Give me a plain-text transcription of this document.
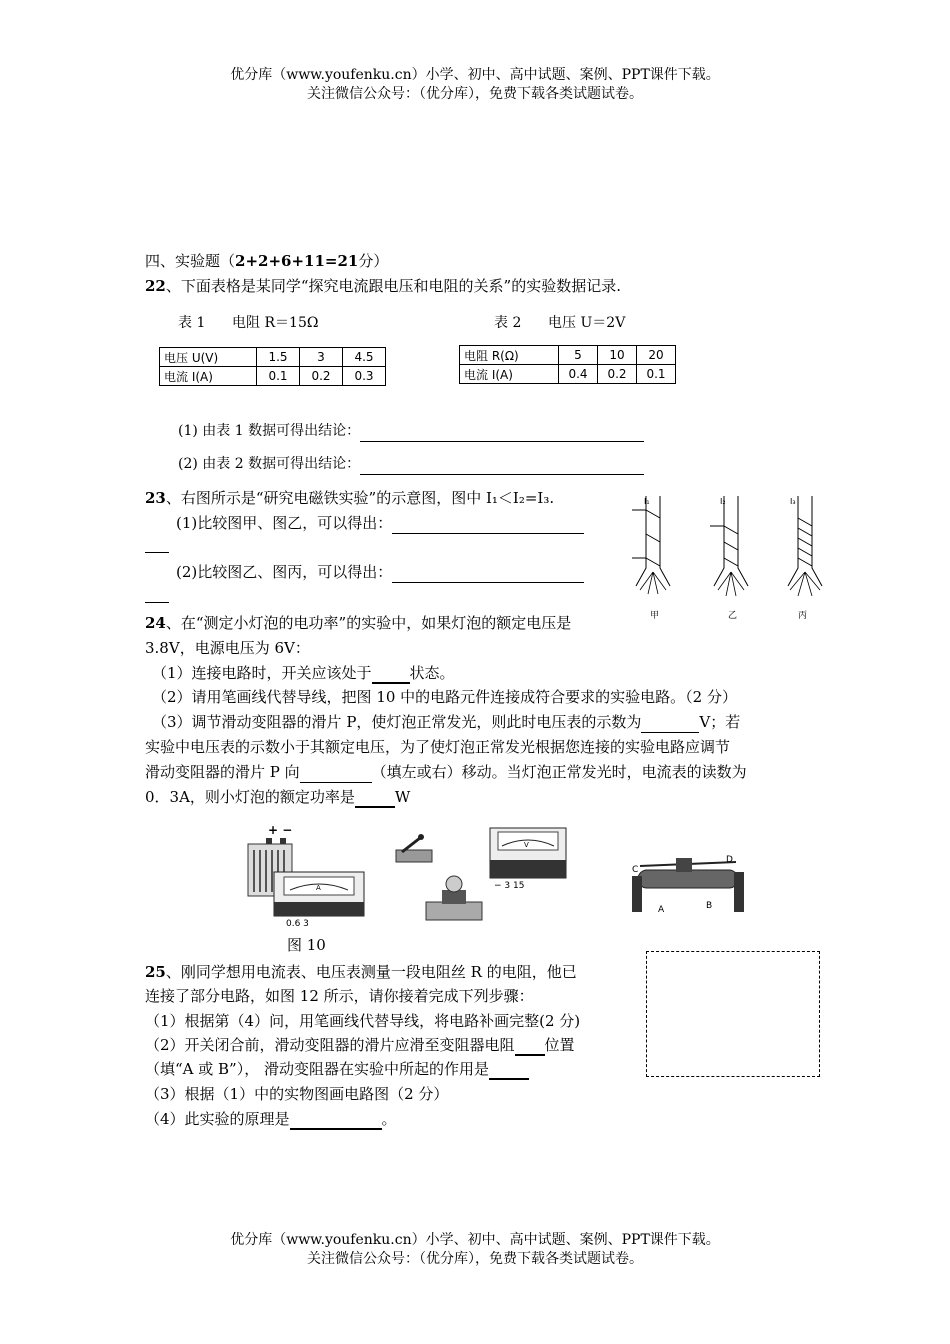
优分库（www.youfenku.cn）小学、初中、高中试题、案例、PPT课件下载。
关注微信公众号：（优分库），免费下载各类试题试卷。
四、实验题（2+2+6+11=21分）
22、下面表格是某同学“探究电流跟电压和电阻的关系”的实验数据记录.
表 1      电阻 R＝15Ω	表 2      电压 U＝2V
电压 U(V)	1.5	3	4.5
电流 I(A)	0.1	0.2	0.3
电阻 R(Ω)	5	10	20
电流 I(A)	0.4	0.2	0.1
(1) 由表 1 数据可得出结论：
(2) 由表 2 数据可得出结论：
23、右图所示是“研究电磁铁实验”的示意图，图中 I₁＜I₂=I₃.
(1)比较图甲、图乙，可以得出：
(2)比较图乙、图丙，可以得出：
I₁
甲
I₂
乙
I₃
丙
24、在“测定小灯泡的电功率”的实验中，如果灯泡的额定电压是
3.8V，电源电压为 6V：
（1）连接电路时，开关应该处于	状态。
（2）请用笔画线代替导线，把图 10 中的电路元件连接成符合要求的实验电路。（2 分）
（3）调节滑动变阻器的滑片 P，使灯泡正常发光，则此时电压表的示数为	V；若
实验中电压表的示数小于其额定电压，为了使灯泡正常发光根据您连接的实验电路应调节
滑动变阻器的滑片 P 向	（填左或右）移动。当灯泡正常发光时，电流表的读数为
0．3A，则小灯泡的额定功率是	W
+ −
A
0.6 3
V
− 3 15
C
D
A	B
图 10
25、刚同学想用电流表、电压表测量一段电阻丝 R 的电阻，他已
连接了部分电路，如图 12 所示，请你接着完成下列步骤：
（1）根据第（4）问，用笔画线代替导线，将电路补画完整(2 分)
（2）开关闭合前，滑动变阻器的滑片应滑至变阻器电阻 位置
（填“A 或 B”）， 滑动变阻器在实验中所起的作用是
（3）根据（1）中的实物图画电路图（2 分）
（4）此实验的原理是	。
优分库（www.youfenku.cn）小学、初中、高中试题、案例、PPT课件下载。
关注微信公众号：（优分库），免费下载各类试题试卷。
